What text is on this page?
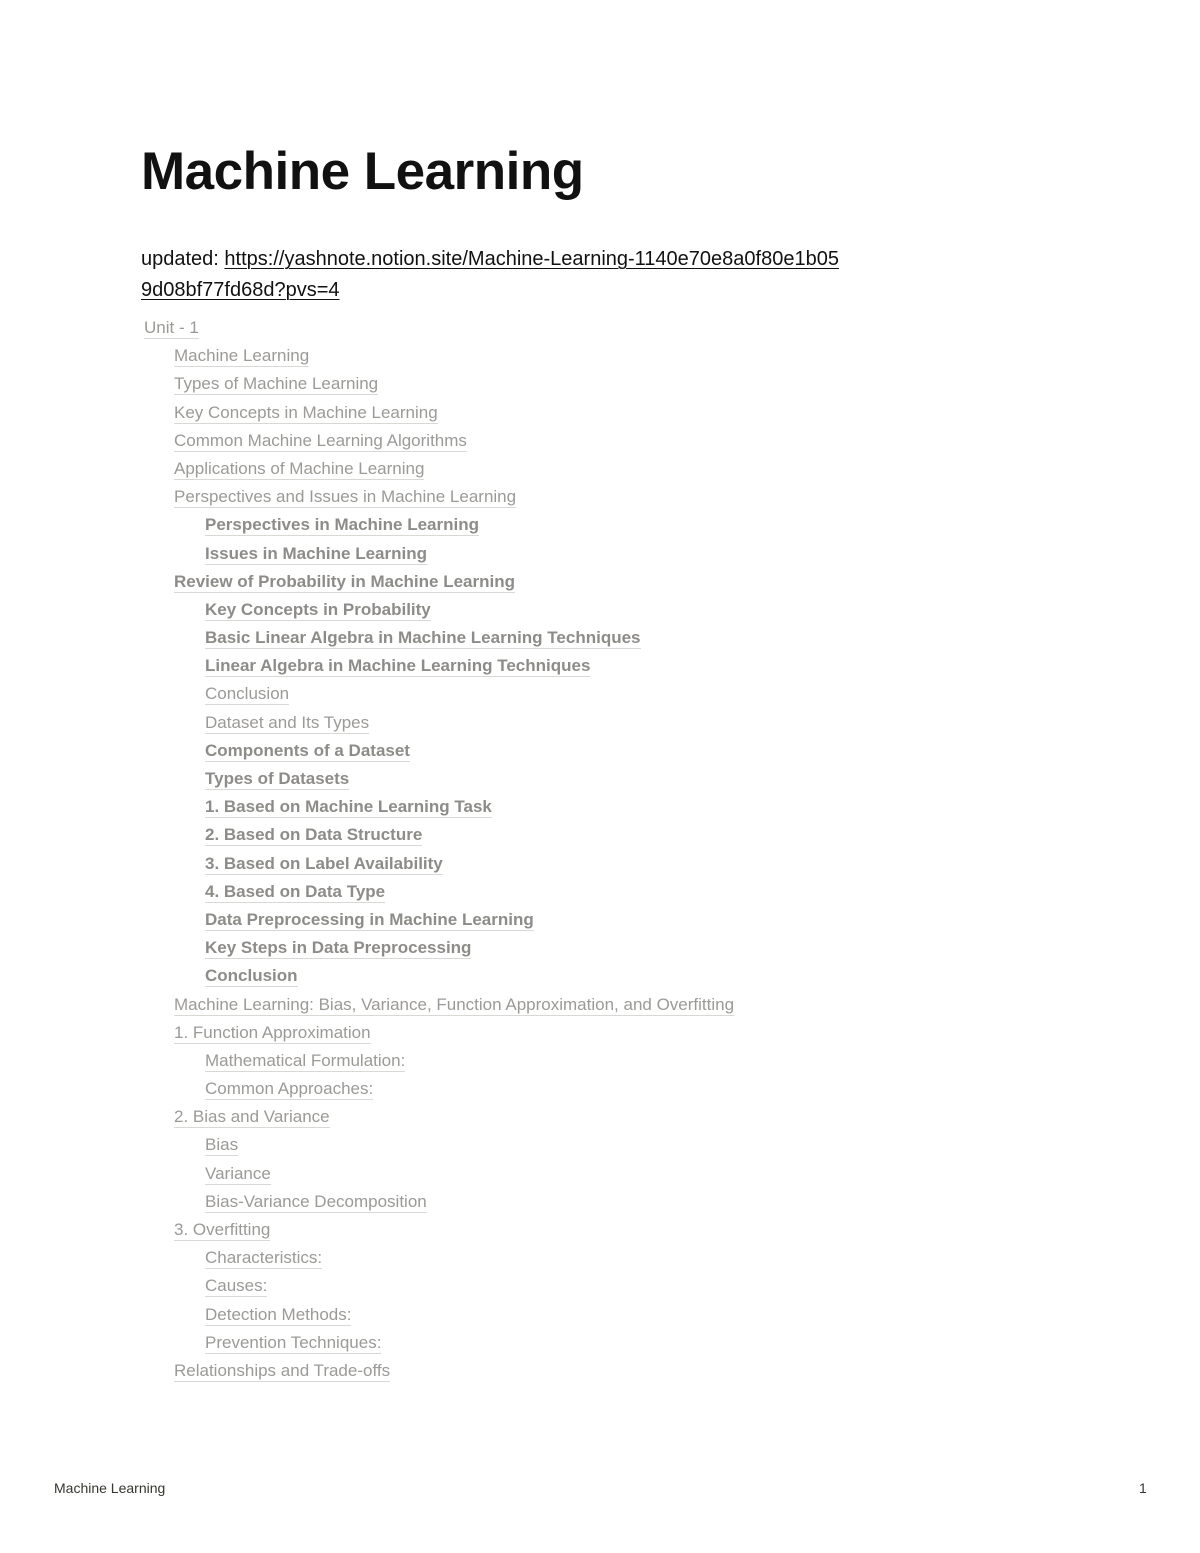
Machine Learning
updated: https://yashnote.notion.site/Machine-Learning-1140e70e8a0f80e1b059d08bf77fd68d?pvs=4
Unit - 1
Machine Learning
Types of Machine Learning
Key Concepts in Machine Learning
Common Machine Learning Algorithms
Applications of Machine Learning
Perspectives and Issues in Machine Learning
Perspectives in Machine Learning
Issues in Machine Learning
Review of Probability in Machine Learning
Key Concepts in Probability
Basic Linear Algebra in Machine Learning Techniques
Linear Algebra in Machine Learning Techniques
Conclusion
Dataset and Its Types
Components of a Dataset
Types of Datasets
1. Based on Machine Learning Task
2. Based on Data Structure
3. Based on Label Availability
4. Based on Data Type
Data Preprocessing in Machine Learning
Key Steps in Data Preprocessing
Conclusion
Machine Learning: Bias, Variance, Function Approximation, and Overfitting
1. Function Approximation
Mathematical Formulation:
Common Approaches:
2. Bias and Variance
Bias
Variance
Bias-Variance Decomposition
3. Overfitting
Characteristics:
Causes:
Detection Methods:
Prevention Techniques:
Relationships and Trade-offs
Machine Learning	1
